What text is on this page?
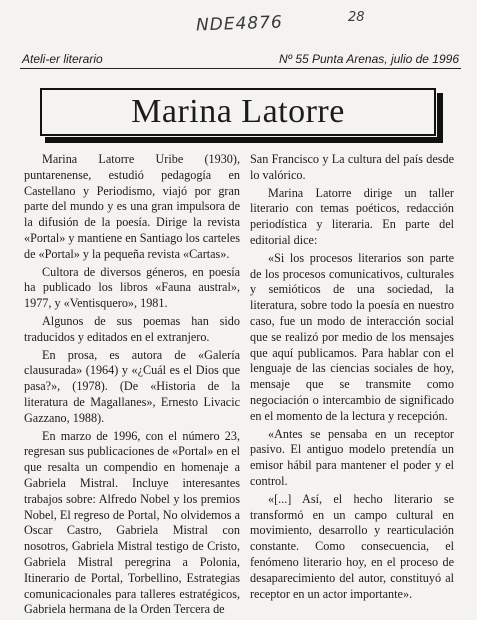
NDE4876	28
Ateli-er literario	Nº 55 Punta Arenas, julio de 1996
Marina Latorre

Marina Latorre Uribe (1930), puntarenense, estudió pedagogía en Castellano y Periodismo, viajó por gran parte del mundo y es una gran impulsora de la difusión de la poesía. Dirige la revista «Portal» y mantiene en Santiago los carteles de «Portal» y la pequeña revista «Cartas».

Cultora de diversos géneros, en poesía ha publicado los libros «Fauna austral», 1977, y «Ventisquero», 1981.

Algunos de sus poemas han sido traducidos y editados en el extranjero.

En prosa, es autora de «Galería clausurada» (1964) y «¿Cuál es el Dios que pasa?», (1978). (De «Historia de la literatura de Magallanes», Ernesto Livacic Gazzano, 1988).

En marzo de 1996, con el número 23, regresan sus publicaciones de «Portal» en el que resalta un compendio en homenaje a Gabriela Mistral. Incluye interesantes trabajos sobre: Alfredo Nobel y los premios Nobel, El regreso de Portal, No olvidemos a Oscar Castro, Gabriela Mistral con nosotros, Gabriela Mistral testigo de Cristo, Gabriela Mistral peregrina a Polonia, Itinerario de Portal, Torbellino, Estrategias comunicacionales para talleres estratégicos, Gabriela hermana de la Orden Tercera de

San Francisco y La cultura del país desde lo valórico.

Marina Latorre dirige un taller literario con temas poéticos, redacción periodística y literaria. En parte del editorial dice:

«Si los procesos literarios son parte de los procesos comunicativos, culturales y semióticos de una sociedad, la literatura, sobre todo la poesía en nuestro caso, fue un modo de interacción social que se realizó por medio de los mensajes que aquí publicamos. Para hablar con el lenguaje de las ciencias sociales de hoy, mensaje que se transmite como negociación o intercambio de significado en el momento de la lectura y recepción.

«Antes se pensaba en un receptor pasivo. El antiguo modelo pretendía un emisor hábil para mantener el poder y el control.

«[...] Así, el hecho literario se transformó en un campo cultural en movimiento, desarrollo y rearticulación constante. Como consecuencia, el fenómeno literario hoy, en el proceso de desaparecimiento del autor, constituyó al receptor en un actor importante».
